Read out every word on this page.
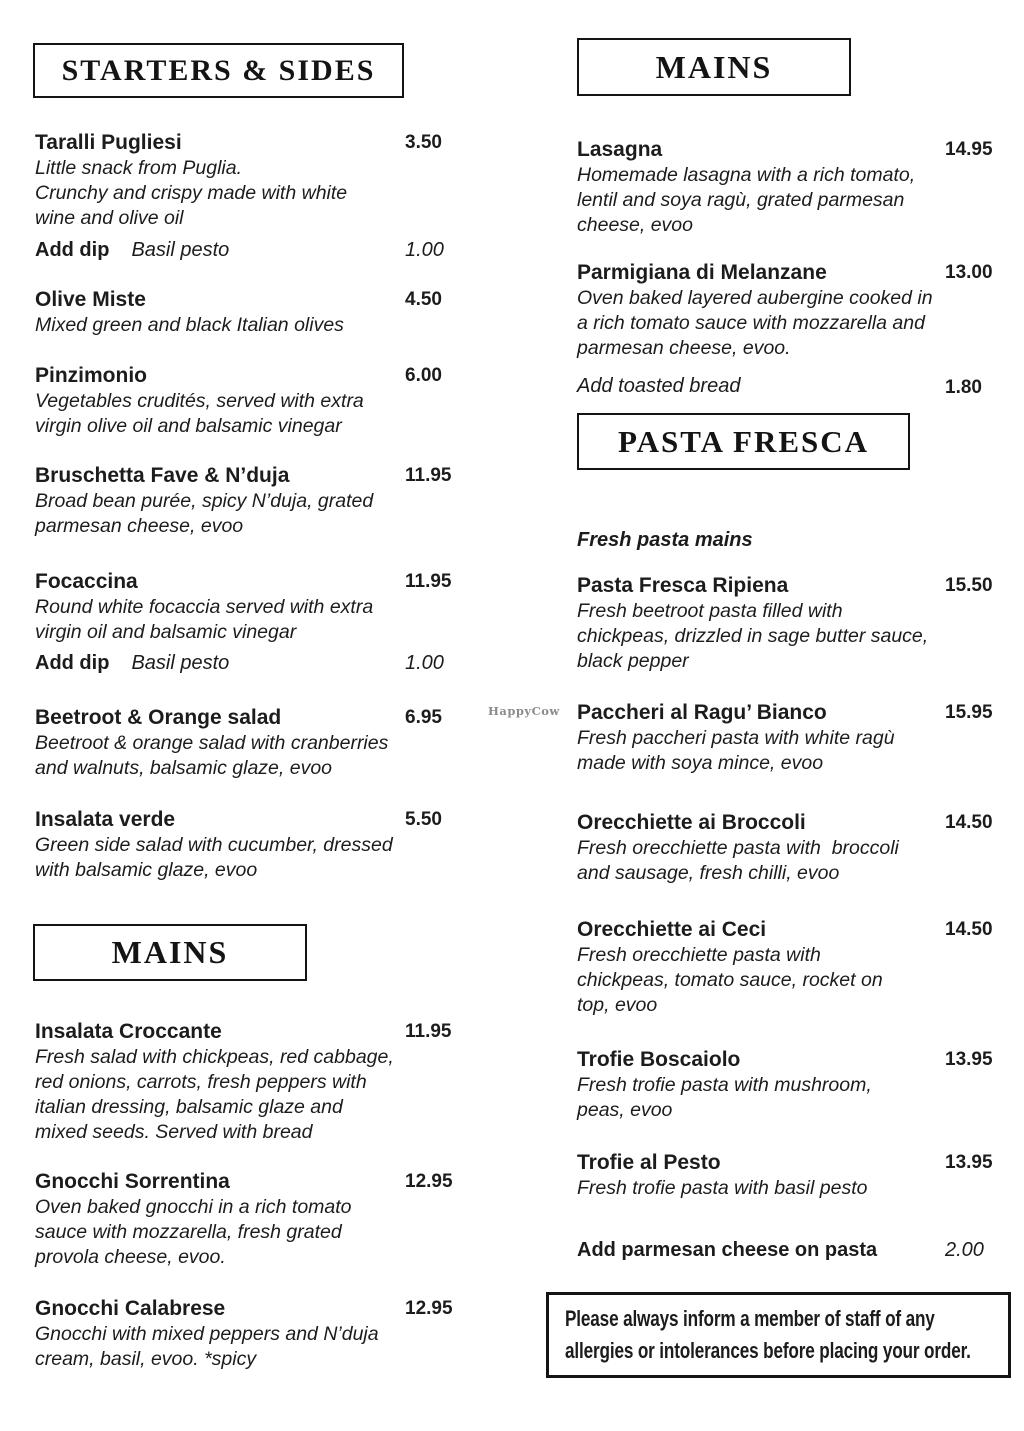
STARTERS & SIDES
Taralli Pugliesi	3.50
Little snack from Puglia.
Crunchy and crispy made with white
wine and olive oil
Add dip Basil pesto	1.00
Olive Miste	4.50
Mixed green and black Italian olives
Pinzimonio	6.00
Vegetables crudités, served with extra
virgin olive oil and balsamic vinegar
Bruschetta Fave & N’duja	11.95
Broad bean purée, spicy N’duja, grated
parmesan cheese, evoo
Focaccina	11.95
Round white focaccia served with extra
virgin oil and balsamic vinegar
Add dip Basil pesto	1.00
Beetroot & Orange salad	6.95
Beetroot & orange salad with cranberries
and walnuts, balsamic glaze, evoo
Insalata verde	5.50
Green side salad with cucumber, dressed
with balsamic glaze, evoo
MAINS
Insalata Croccante	11.95
Fresh salad with chickpeas, red cabbage,
red onions, carrots, fresh peppers with
italian dressing, balsamic glaze and
mixed seeds. Served with bread
Gnocchi Sorrentina	12.95
Oven baked gnocchi in a rich tomato
sauce with mozzarella, fresh grated
provola cheese, evoo.
Gnocchi Calabrese	12.95
Gnocchi with mixed peppers and N’duja
cream, basil, evoo. *spicy
MAINS
Lasagna	14.95
Homemade lasagna with a rich tomato,
lentil and soya ragù, grated parmesan
cheese, evoo
Parmigiana di Melanzane	13.00
Oven baked layered aubergine cooked in
a rich tomato sauce with mozzarella and
parmesan cheese, evoo.
Add toasted bread	1.80
PASTA FRESCA
Fresh pasta mains
Pasta Fresca Ripiena	15.50
Fresh beetroot pasta filled with
chickpeas, drizzled in sage butter sauce,
black pepper
Paccheri al Ragu’ Bianco	15.95
Fresh paccheri pasta with white ragù
made with soya mince, evoo
Orecchiette ai Broccoli	14.50
Fresh orecchiette pasta with  broccoli
and sausage, fresh chilli, evoo
Orecchiette ai Ceci	14.50
Fresh orecchiette pasta with
chickpeas, tomato sauce, rocket on
top, evoo
Trofie Boscaiolo	13.95
Fresh trofie pasta with mushroom,
peas, evoo
Trofie al Pesto	13.95
Fresh trofie pasta with basil pesto
Add parmesan cheese on pasta	2.00
Please always inform a member of staff of any
allergies or intolerances before placing your order.
HappyCow
